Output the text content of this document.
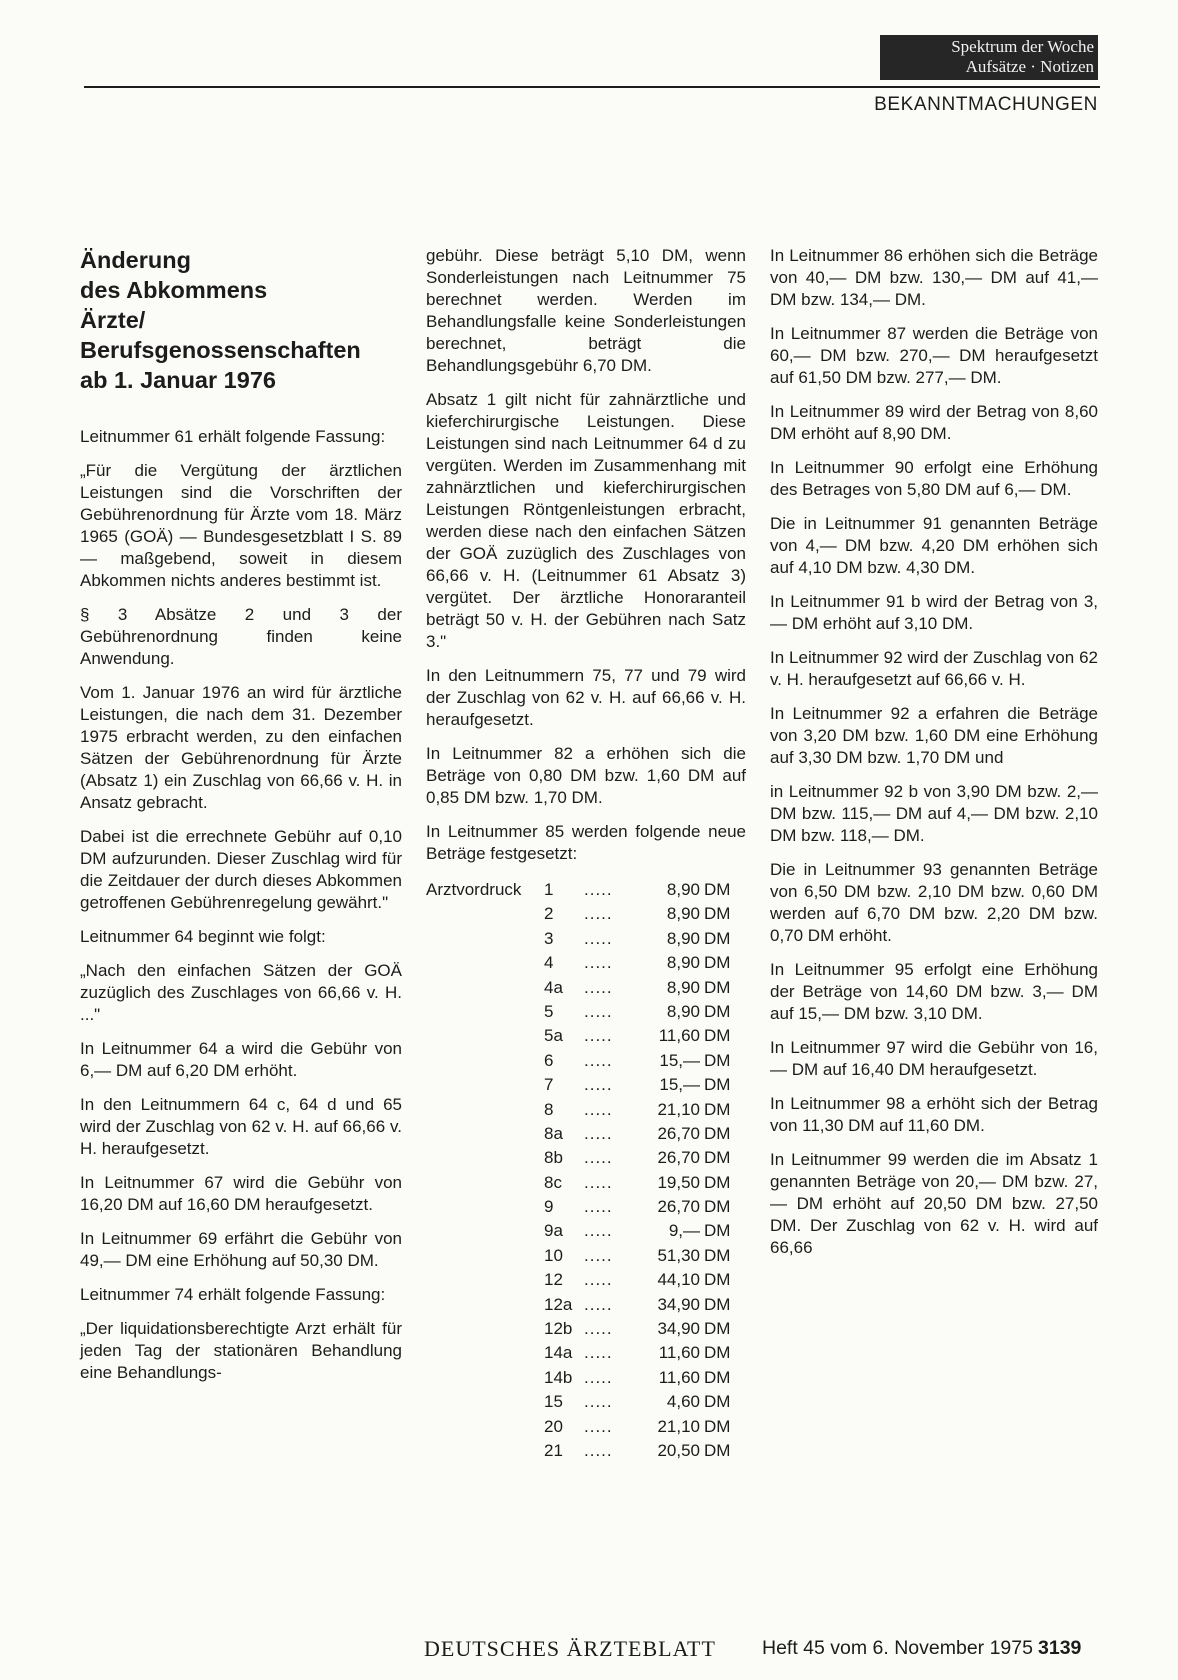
Spektrum der Woche
Aufsätze · Notizen
BEKANNTMACHUNGEN
Änderung
des Abkommens
Ärzte/
Berufsgenossenschaften
ab 1. Januar 1976

Leitnummer 61 erhält folgende Fassung:

„Für die Vergütung der ärztlichen Leistungen sind die Vorschriften der Gebührenordnung für Ärzte vom 18. März 1965 (GOÄ) — Bundesgesetzblatt I S. 89 — maßgebend, soweit in diesem Abkommen nichts anderes bestimmt ist.

§ 3 Absätze 2 und 3 der Gebührenordnung finden keine Anwendung.

Vom 1. Januar 1976 an wird für ärztliche Leistungen, die nach dem 31. Dezember 1975 erbracht werden, zu den einfachen Sätzen der Gebührenordnung für Ärzte (Absatz 1) ein Zuschlag von 66,66 v. H. in Ansatz gebracht.

Dabei ist die errechnete Gebühr auf 0,10 DM aufzurunden. Dieser Zuschlag wird für die Zeitdauer der durch dieses Abkommen getroffenen Gebührenregelung gewährt."

Leitnummer 64 beginnt wie folgt:

„Nach den einfachen Sätzen der GOÄ zuzüglich des Zuschlages von 66,66 v. H. ..."

In Leitnummer 64 a wird die Gebühr von 6,— DM auf 6,20 DM erhöht.

In den Leitnummern 64 c, 64 d und 65 wird der Zuschlag von 62 v. H. auf 66,66 v. H. heraufgesetzt.

In Leitnummer 67 wird die Gebühr von 16,20 DM auf 16,60 DM heraufgesetzt.

In Leitnummer 69 erfährt die Gebühr von 49,— DM eine Erhöhung auf 50,30 DM.

Leitnummer 74 erhält folgende Fassung:

„Der liquidationsberechtigte Arzt erhält für jeden Tag der stationären Behandlung eine Behandlungs-

gebühr. Diese beträgt 5,10 DM, wenn Sonderleistungen nach Leitnummer 75 berechnet werden. Werden im Behandlungsfalle keine Sonderleistungen berechnet, beträgt die Behandlungsgebühr 6,70 DM.

Absatz 1 gilt nicht für zahnärztliche und kieferchirurgische Leistungen. Diese Leistungen sind nach Leitnummer 64 d zu vergüten. Werden im Zusammenhang mit zahnärztlichen und kieferchirurgischen Leistungen Röntgenleistungen erbracht, werden diese nach den einfachen Sätzen der GOÄ zuzüglich des Zuschlages von 66,66 v. H. (Leitnummer 61 Absatz 3) vergütet. Der ärztliche Honoraranteil beträgt 50 v. H. der Gebühren nach Satz 3."

In den Leitnummern 75, 77 und 79 wird der Zuschlag von 62 v. H. auf 66,66 v. H. heraufgesetzt.

In Leitnummer 82 a erhöhen sich die Beträge von 0,80 DM bzw. 1,60 DM auf 0,85 DM bzw. 1,70 DM.

In Leitnummer 85 werden folgende neue Beträge festgesetzt:

Arztvordruck	1	.....	8,90	DM
	2	.....	8,90	DM
	3	.....	8,90	DM
	4	.....	8,90	DM
	4a	.....	8,90	DM
	5	.....	8,90	DM
	5a	.....	11,60	DM
	6	.....	15,—	DM
	7	.....	15,—	DM
	8	.....	21,10	DM
	8a	.....	26,70	DM
	8b	.....	26,70	DM
	8c	.....	19,50	DM
	9	.....	26,70	DM
	9a	.....	9,—	DM
	10	.....	51,30	DM
	12	.....	44,10	DM
	12a	.....	34,90	DM
	12b	.....	34,90	DM
	14a	.....	11,60	DM
	14b	.....	11,60	DM
	15	.....	4,60	DM
	20	.....	21,10	DM
	21	.....	20,50	DM

In Leitnummer 86 erhöhen sich die Beträge von 40,— DM bzw. 130,— DM auf 41,— DM bzw. 134,— DM.

In Leitnummer 87 werden die Beträge von 60,— DM bzw. 270,— DM heraufgesetzt auf 61,50 DM bzw. 277,— DM.

In Leitnummer 89 wird der Betrag von 8,60 DM erhöht auf 8,90 DM.

In Leitnummer 90 erfolgt eine Erhöhung des Betrages von 5,80 DM auf 6,— DM.

Die in Leitnummer 91 genannten Beträge von 4,— DM bzw. 4,20 DM erhöhen sich auf 4,10 DM bzw. 4,30 DM.

In Leitnummer 91 b wird der Betrag von 3,— DM erhöht auf 3,10 DM.

In Leitnummer 92 wird der Zuschlag von 62 v. H. heraufgesetzt auf 66,66 v. H.

In Leitnummer 92 a erfahren die Beträge von 3,20 DM bzw. 1,60 DM eine Erhöhung auf 3,30 DM bzw. 1,70 DM und

in Leitnummer 92 b von 3,90 DM bzw. 2,— DM bzw. 115,— DM auf 4,— DM bzw. 2,10 DM bzw. 118,— DM.

Die in Leitnummer 93 genannten Beträge von 6,50 DM bzw. 2,10 DM bzw. 0,60 DM werden auf 6,70 DM bzw. 2,20 DM bzw. 0,70 DM erhöht.

In Leitnummer 95 erfolgt eine Erhöhung der Beträge von 14,60 DM bzw. 3,— DM auf 15,— DM bzw. 3,10 DM.

In Leitnummer 97 wird die Gebühr von 16,— DM auf 16,40 DM heraufgesetzt.

In Leitnummer 98 a erhöht sich der Betrag von 11,30 DM auf 11,60 DM.

In Leitnummer 99 werden die im Absatz 1 genannten Beträge von 20,— DM bzw. 27,— DM erhöht auf 20,50 DM bzw. 27,50 DM. Der Zuschlag von 62 v. H. wird auf 66,66

DEUTSCHES ÄRZTEBLATT Heft 45 vom 6. November 1975 3139
